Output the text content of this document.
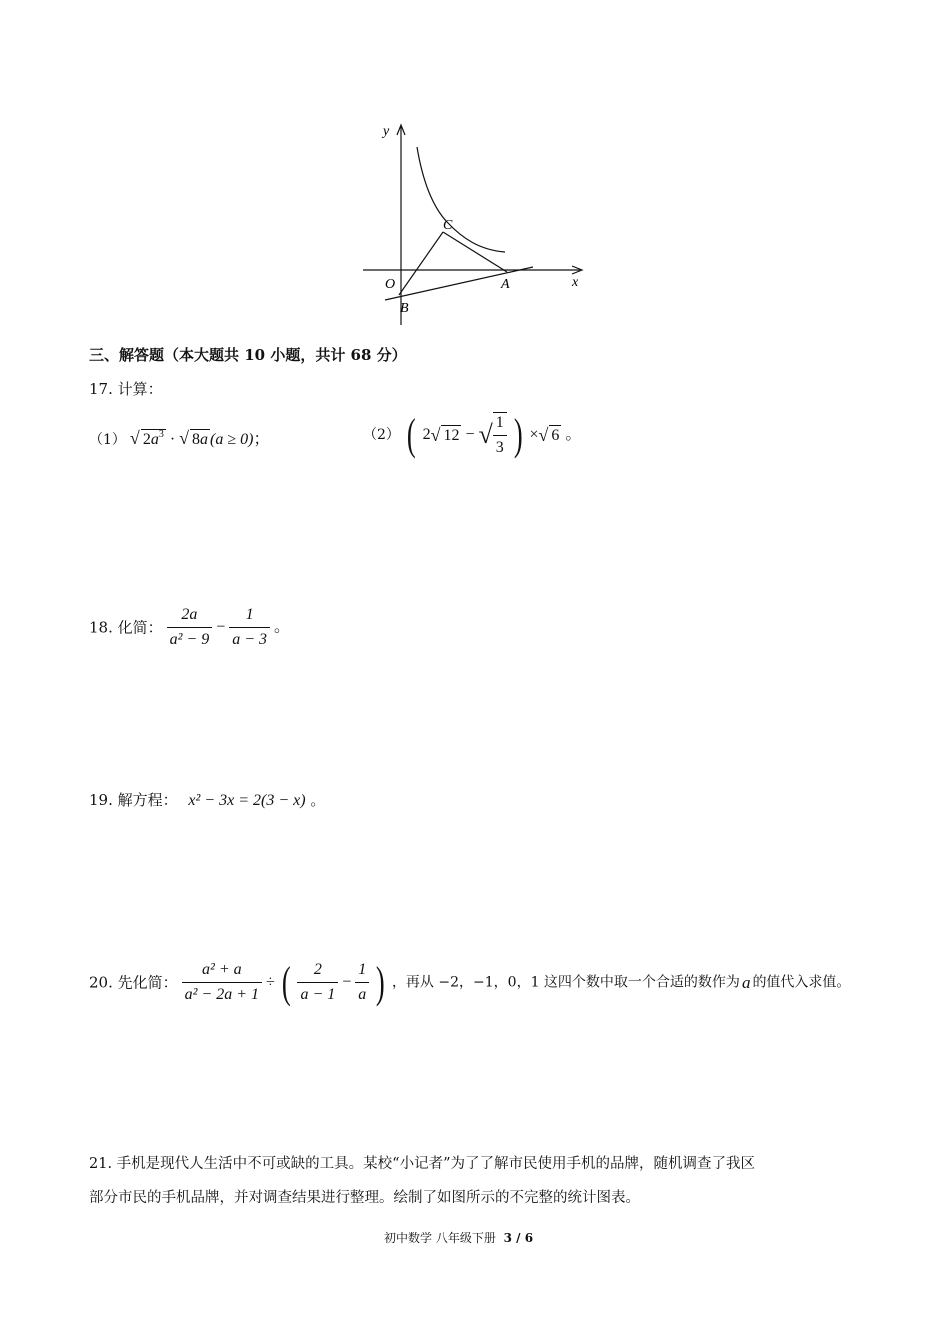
y
x
O	A
B
C
三、解答题（本大题共 10 小题，共计 68 分）
17. 计算：
（1） √ $2a^3$ · √ 8a (a ≥ 0)；	（2） ( 2√ 12 − √ $\frac{1}{3}$ ) ×√ 6 。
18. 化简： $\frac{2a}{\text{a² − 9}} - \frac{1}{a - 3}$ 。
19. 解方程： x² − 3x = 2(3 − x) 。
20. 先化简： $\frac{\text{a² + a}}{\text{a² − 2a + 1}}$ ÷ ( $\frac{2}{a - 1} - \frac{1}{a}$ ) ，再从 −2，−1，0，1 这四个数中取一个合适的数作为 a 的值代入求值。
21. 手机是现代人生活中不可或缺的工具。某校“小记者”为了了解市民使用手机的品牌，随机调查了我区
部分市民的手机品牌，并对调查结果进行整理。绘制了如图所示的不完整的统计图表。
初中数学 八年级下册 3 / 6
